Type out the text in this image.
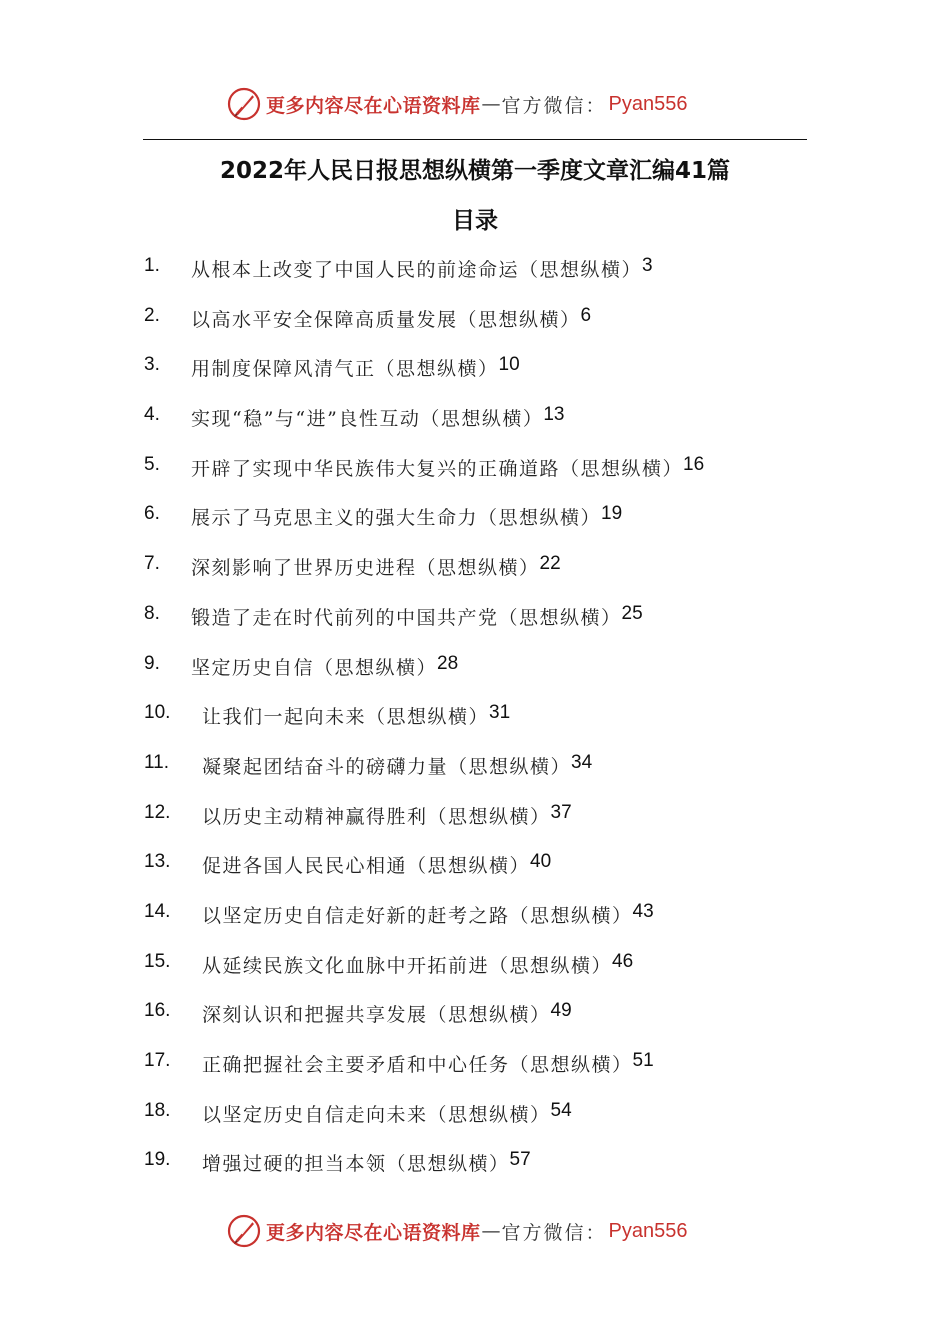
更多内容尽在心语资料库 — 官方微信： Pyan556
2022年人民日报思想纵横第一季度文章汇编41篇
目录
1.	从根本上改变了中国人民的前途命运（思想纵横） 3
2.	以高水平安全保障高质量发展（思想纵横） 6
3.	用制度保障风清气正（思想纵横） 10
4.	实现“稳”与“进”良性互动（思想纵横） 13
5.	开辟了实现中华民族伟大复兴的正确道路（思想纵横） 16
6.	展示了马克思主义的强大生命力（思想纵横） 19
7.	深刻影响了世界历史进程（思想纵横） 22
8.	锻造了走在时代前列的中国共产党（思想纵横） 25
9.	坚定历史自信（思想纵横） 28
10.	让我们一起向未来（思想纵横） 31
11.	凝聚起团结奋斗的磅礴力量（思想纵横） 34
12.	以历史主动精神赢得胜利（思想纵横） 37
13.	促进各国人民民心相通（思想纵横） 40
14.	以坚定历史自信走好新的赶考之路（思想纵横） 43
15.	从延续民族文化血脉中开拓前进（思想纵横） 46
16.	深刻认识和把握共享发展（思想纵横） 49
17.	正确把握社会主要矛盾和中心任务（思想纵横） 51
18.	以坚定历史自信走向未来（思想纵横） 54
19.	增强过硬的担当本领（思想纵横） 57
更多内容尽在心语资料库 — 官方微信： Pyan556
